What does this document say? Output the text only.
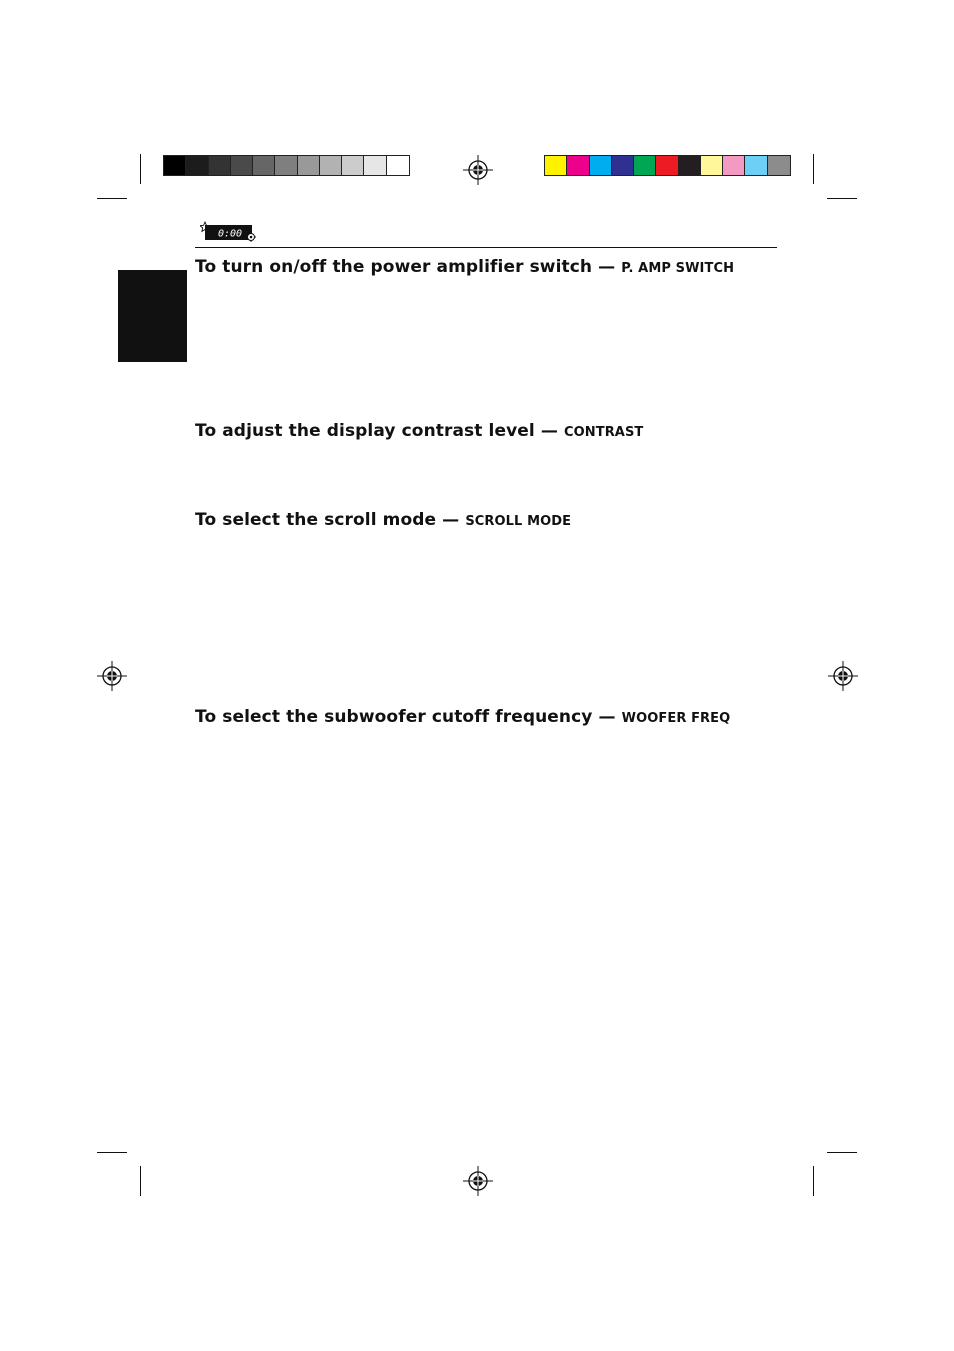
0:00
To turn on/off the power amplifier switch — P. AMP SWITCH
To adjust the display contrast level — CONTRAST
To select the scroll mode — SCROLL MODE
To select the subwoofer cutoff frequency — WOOFER FREQ
